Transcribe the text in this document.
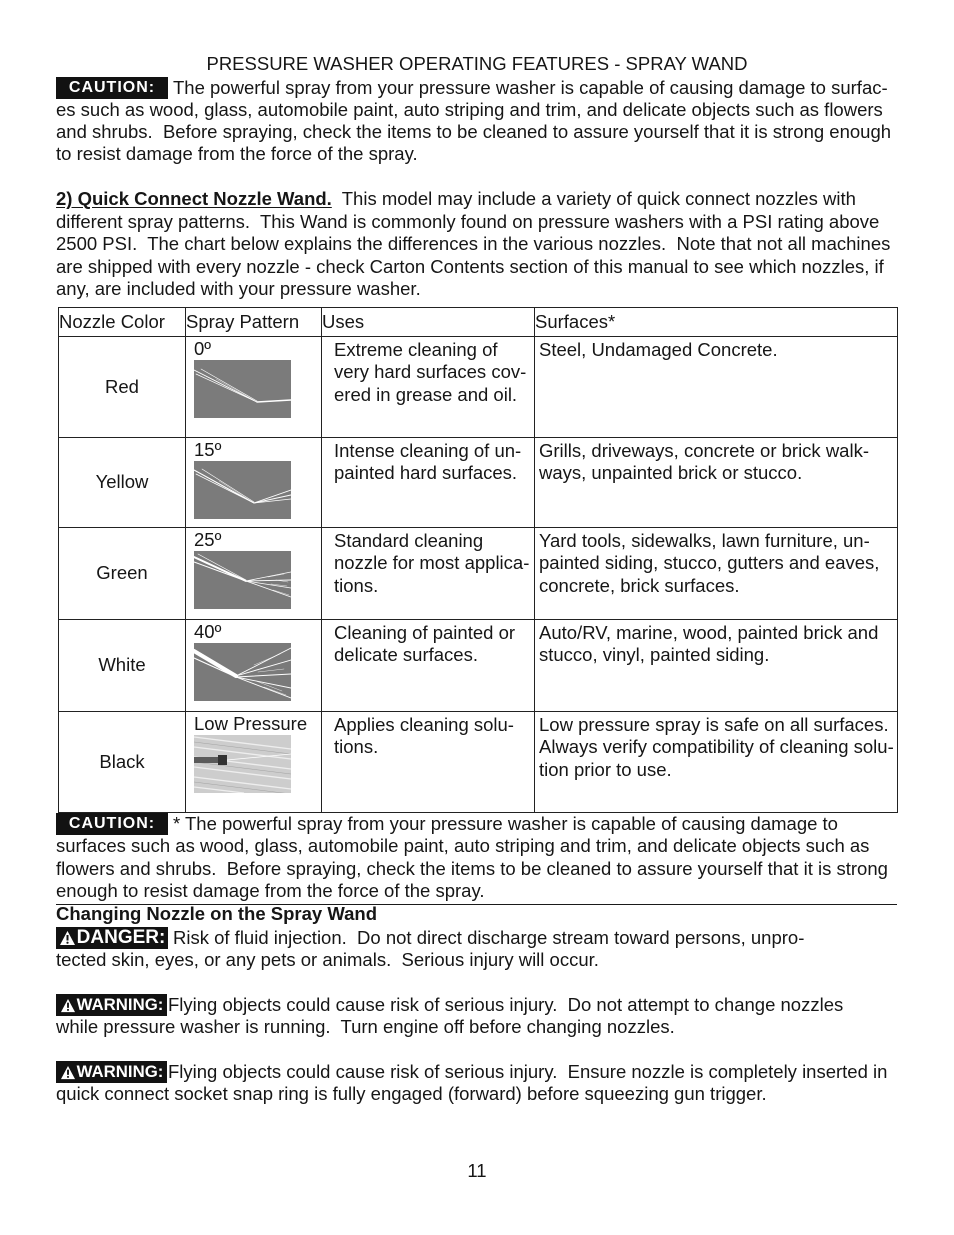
PRESSURE WASHER OPERATING FEATURES - SPRAY WAND
CAUTION: The powerful spray from your pressure washer is capable of causing damage to surfac-
es such as wood, glass, automobile paint, auto striping and trim, and delicate objects such as flowers
and shrubs.  Before spraying, check the items to be cleaned to assure yourself that it is strong enough
to resist damage from the force of the spray.
2) Quick Connect Nozzle Wand. This model may include a variety of quick connect nozzles with
different spray patterns.  This Wand is commonly found on pressure washers with a PSI rating above
2500 PSI.  The chart below explains the differences in the various nozzles.  Note that not all machines
are shipped with every nozzle - check Carton Contents section of this manual to see which nozzles, if
any, are included with your pressure washer.
Nozzle Color	Spray Pattern	Uses	Surfaces*
Red	0º	Extreme cleaning of
very hard surfaces cov-
ered in grease and oil.	Steel, Undamaged Concrete.

Yellow	15º	Intense cleaning of un-
painted hard surfaces.	Grills, driveways, concrete or brick walk-
ways, unpainted brick or stucco.

Green	25º	Standard cleaning
nozzle for most applica-
tions.	Yard tools, sidewalks, lawn furniture, un-
painted siding, stucco, gutters and eaves,
concrete, brick surfaces.

White	40º	Cleaning of painted or
delicate surfaces.	Auto/RV, marine, wood, painted brick and
stucco, vinyl, painted siding.

Black	Low Pressure	Applies cleaning solu-
tions.	Low pressure spray is safe on all surfaces.
Always verify compatibility of cleaning solu-
tion prior to use.
CAUTION: * The powerful spray from your pressure washer is capable of causing damage to
surfaces such as wood, glass, automobile paint, auto striping and trim, and delicate objects such as
flowers and shrubs.  Before spraying, check the items to be cleaned to assure yourself that it is strong
enough to resist damage from the force of the spray.
Changing Nozzle on the Spray Wand
DANGER: Risk of fluid injection.  Do not direct discharge stream toward persons, unpro-
tected skin, eyes, or any pets or animals.  Serious injury will occur.
WARNING: Flying objects could cause risk of serious injury.  Do not attempt to change nozzles
while pressure washer is running.  Turn engine off before changing nozzles.
WARNING: Flying objects could cause risk of serious injury.  Ensure nozzle is completely inserted in
quick connect socket snap ring is fully engaged (forward) before squeezing gun trigger.
11
